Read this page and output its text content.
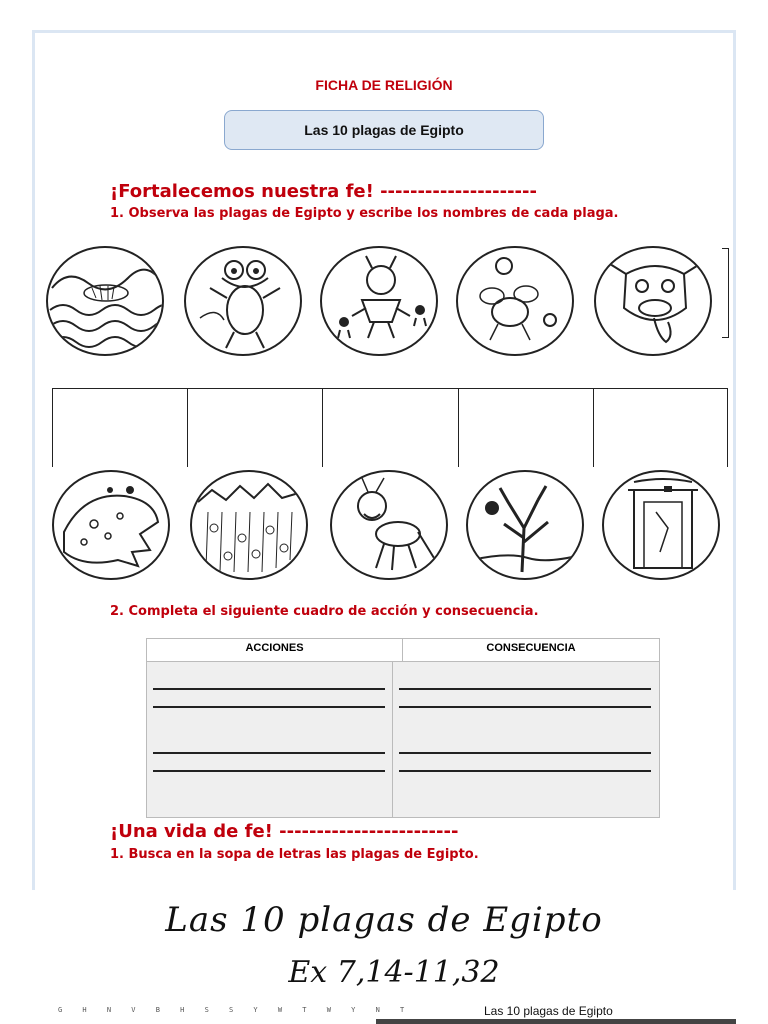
FICHA DE RELIGIÓN
Las 10 plagas de Egipto
¡Fortalecemos nuestra fe! ---------------------
1. Observa las plagas de Egipto y escribe los nombres de cada plaga.
2. Completa el siguiente cuadro de acción y consecuencia.
ACCIONES	CONSECUENCIA
¡Una vida de fe! ------------------------
1. Busca en la sopa de letras las plagas de Egipto.
Las 10 plagas de Egipto
Ex 7,14-11,32
G H N V B H S S Y W T W Y N T	Las 10 plagas de Egipto
